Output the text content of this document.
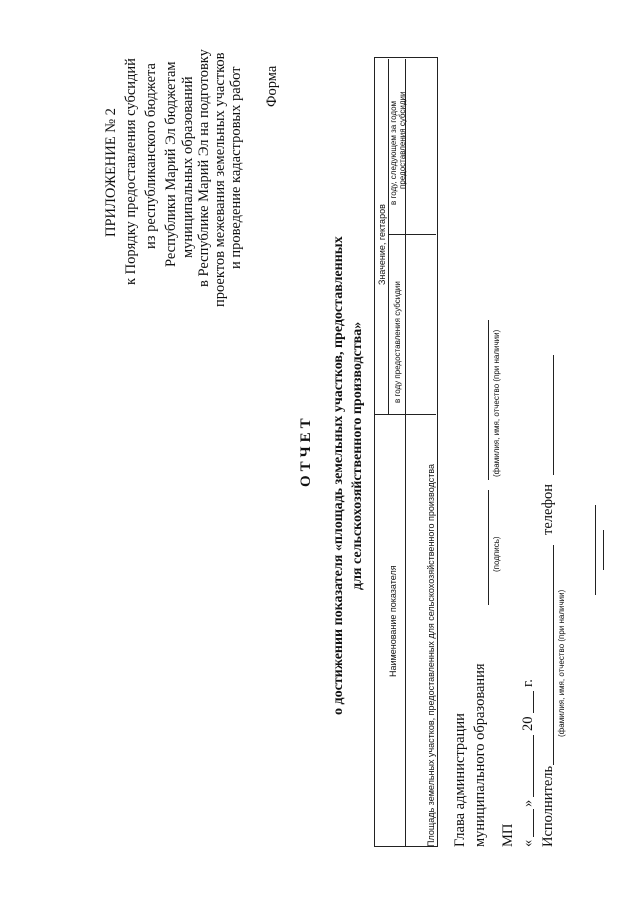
ПРИЛОЖЕНИЕ № 2 к Порядку предоставления субсидий из республиканского бюджета Республики Марий Эл бюджетам муниципальных образований в Республике Марий Эл на подготовку проектов межевания земельных участков и проведение кадастровых работ Форма
ОТЧЕТ о достижении показателя «площадь земельных участков, предоставленных для сельскохозяйственного производства»
Наименование показателя
Значение, гектаров
в году предоставления субсидии
в году, следующем за годом предоставления субсидии
Площадь земельных участков, предоставленных для сельскохозяйственного производства Глава администрации муниципального образования
(подпись)
(фамилия, имя, отчество (при наличии)
МП «
»
20
г.
Исполнитель
(фамилия, имя, отчество (при наличии)
телефон
